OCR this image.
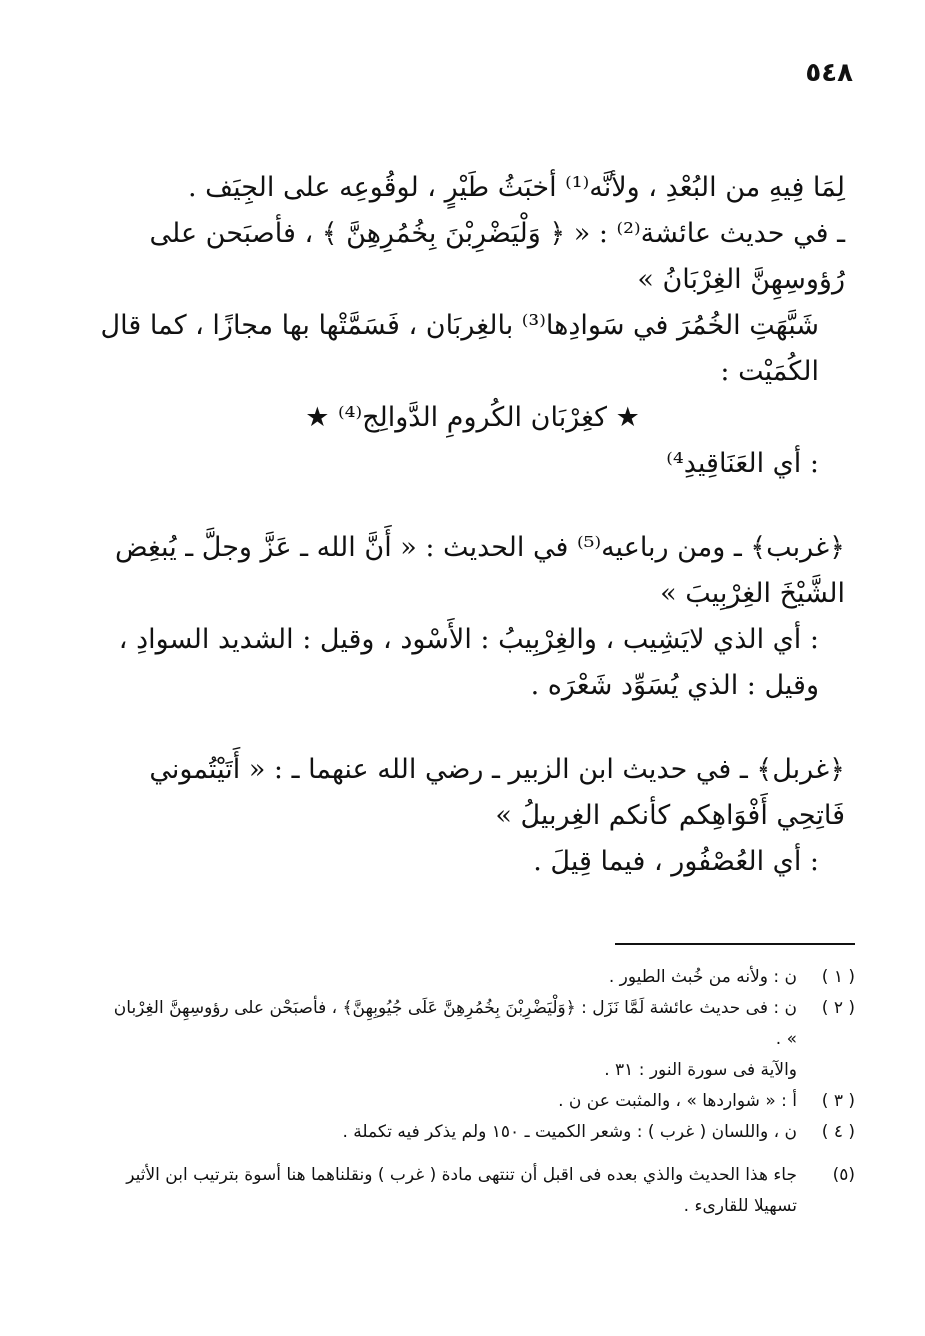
٥٤٨

لِمَا فِيهِ من البُعْدِ ، ولأنَّه⁽¹⁾ أخبَثُ طَيْرٍ ، لوقُوعِه على الجِيَف .

ـ في حديث عائشة⁽²⁾ : « ﴿ وَلْيَضْرِبْنَ بِخُمُرِهِنَّ ﴾ ، فأصبَحن على رُؤوسِهِنَّ الغِرْبَانُ »

شَبَّهَتِ الخُمُرَ في سَوادِها⁽³⁾ بالغِربَان ، فَسَمَّتْها بها مجازًا ، كما قال الكُمَيْت :

★ كغِرْبَان الكُرومِ الدَّوالِج⁽⁴⁾ ★

: أي العَنَاقِيدِ⁴⁾

﴿غربب﴾ ـ ومن رباعيه⁽⁵⁾ في الحديث : « أَنَّ الله ـ عَزَّ وجلَّ ـ يُبغِض الشَّيْخَ الغِرْبِيبَ »

: أي الذي لايَشِيب ، والغِرْبِيبُ : الأَسْود ، وقيل : الشديد السوادِ ، وقيل : الذي يُسَوِّد شَعْرَه .

﴿غربل﴾ ـ في حديث ابن الزبير ـ رضي الله عنهما ـ : « أَتَيْتُموني فَاتِحِي أَفْوَاهِكم كأنكم الغِربيلُ »

: أي العُصْفُور ، فيما قِيلَ .

( ١ )
ن : ولأنه من خُبث الطيور .
( ٢ )
ن : فى حديث عائشة لَمَّا نَزَل : ﴿وَلْيَضْرِبْنَ بِخُمُرِهِنَّ عَلَى جُيُوبِهِنَّ﴾ ، فأصبَحْن على رؤوسِهِنَّ الغِرْبان » .
والآية فى سورة النور : ٣١ .
( ٣ )
أ : « شواردها » ، والمثبت عن ن .
( ٤ )
ن ، واللسان ( غرب ) : وشعر الكميت ـ ١٥٠ ولم يذكر فيه تكملة .
(٥)
جاء هذا الحديث والذي بعده فى اقبل أن تنتهى مادة ( غرب ) ونقلناهما هنا أسوة بترتيب ابن الأثير تسهيلا للقارىء .
